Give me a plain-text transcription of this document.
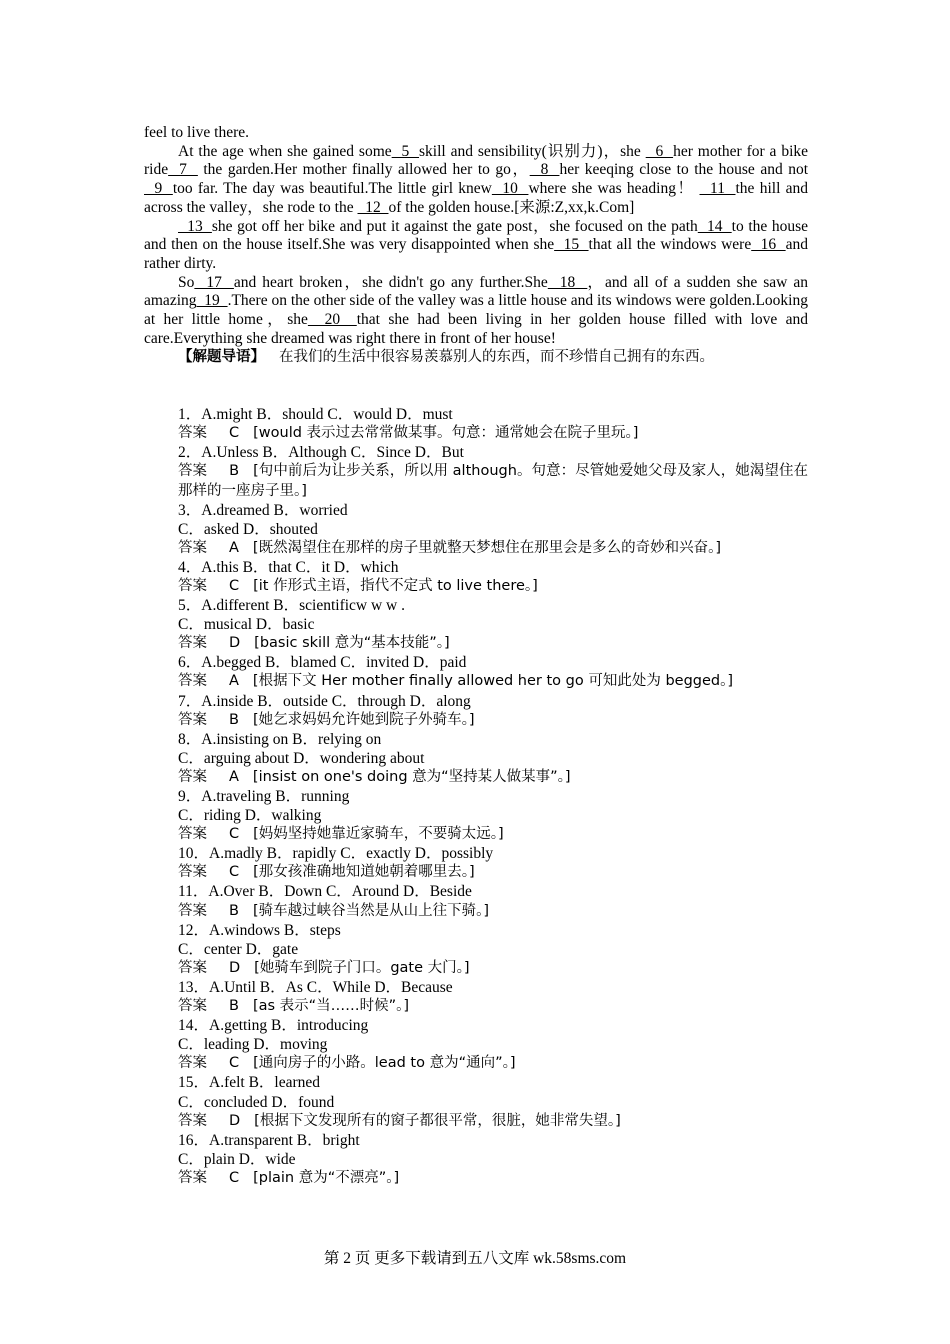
feel to live there.

At the age when she gained some  5  skill and sensibility(识别力)，she   6  her mother for a bike ride  7   the garden.Her mother finally allowed her to go，  8  her keeqing close to the house and not  9  too far. The day was beautiful.The little girl knew  10  where she was heading！   11  the hill and across the valley，she rode to the   12  of the golden house.[来源:Z,xx,k.Com]

13  she got off her bike and put it against the gate post，she focused on the path  14  to the house and then on the house itself.She was very disappointed when she  15  that all the windows were  16  and rather dirty.

So  17  and heart broken，she didn't go any further.She  18  ，and all of a sudden she saw an amazing  19  .There on the other side of the valley was a little house and its windows were golden.Looking at her little home，she  20  that she had been living in her golden house filled with love and care.Everything she dreamed was right there in front of her house!

【解题导语】 在我们的生活中很容易羡慕别人的东西，而不珍惜自己拥有的东西。

1．A.might B．should C．would D．must
答案 C [would 表示过去常常做某事。句意：通常她会在院子里玩。]
2．A.Unless B．Although C．Since D．But
答案 B [句中前后为让步关系，所以用 although。句意：尽管她爱她父母及家人，她渴望住在那样的一座房子里。]
3．A.dreamed B．worried
C．asked D．shouted
答案 A [既然渴望住在那样的房子里就整天梦想住在那里会是多么的奇妙和兴奋。]
4．A.this B．that C．it D．which
答案 C [it 作形式主语，指代不定式 to live there。]
5．A.different B．scientificw w w .
C．musical D．basic
答案 D [basic skill 意为“基本技能”。]
6．A.begged B．blamed C．invited D．paid
答案 A [根据下文 Her mother finally allowed her to go 可知此处为 begged。]
7．A.inside B．outside C．through D．along
答案 B [她乞求妈妈允许她到院子外骑车。]
8．A.insisting on B．relying on
C．arguing about D．wondering about
答案 A [insist on one's doing 意为“坚持某人做某事”。]
9．A.traveling B．running
C．riding D．walking
答案 C [妈妈坚持她靠近家骑车，不要骑太远。]
10．A.madly B．rapidly C．exactly D．possibly
答案 C [那女孩准确地知道她朝着哪里去。]
11．A.Over B．Down C．Around D．Beside
答案 B [骑车越过峡谷当然是从山上往下骑。]
12．A.windows B．steps
C．center D．gate
答案 D [她骑车到院子门口。gate 大门。]
13．A.Until B．As C．While D．Because
答案 B [as 表示“当……时候”。]
14．A.getting B．introducing
C．leading D．moving
答案 C [通向房子的小路。lead to 意为“通向”。]
15．A.felt B．learned
C．concluded D．found
答案 D [根据下文发现所有的窗子都很平常，很脏，她非常失望。]
16．A.transparent B．bright
C．plain D．wide
答案 C [plain 意为“不漂亮”。]
第 2 页 更多下载请到五八文库 wk.58sms.com
